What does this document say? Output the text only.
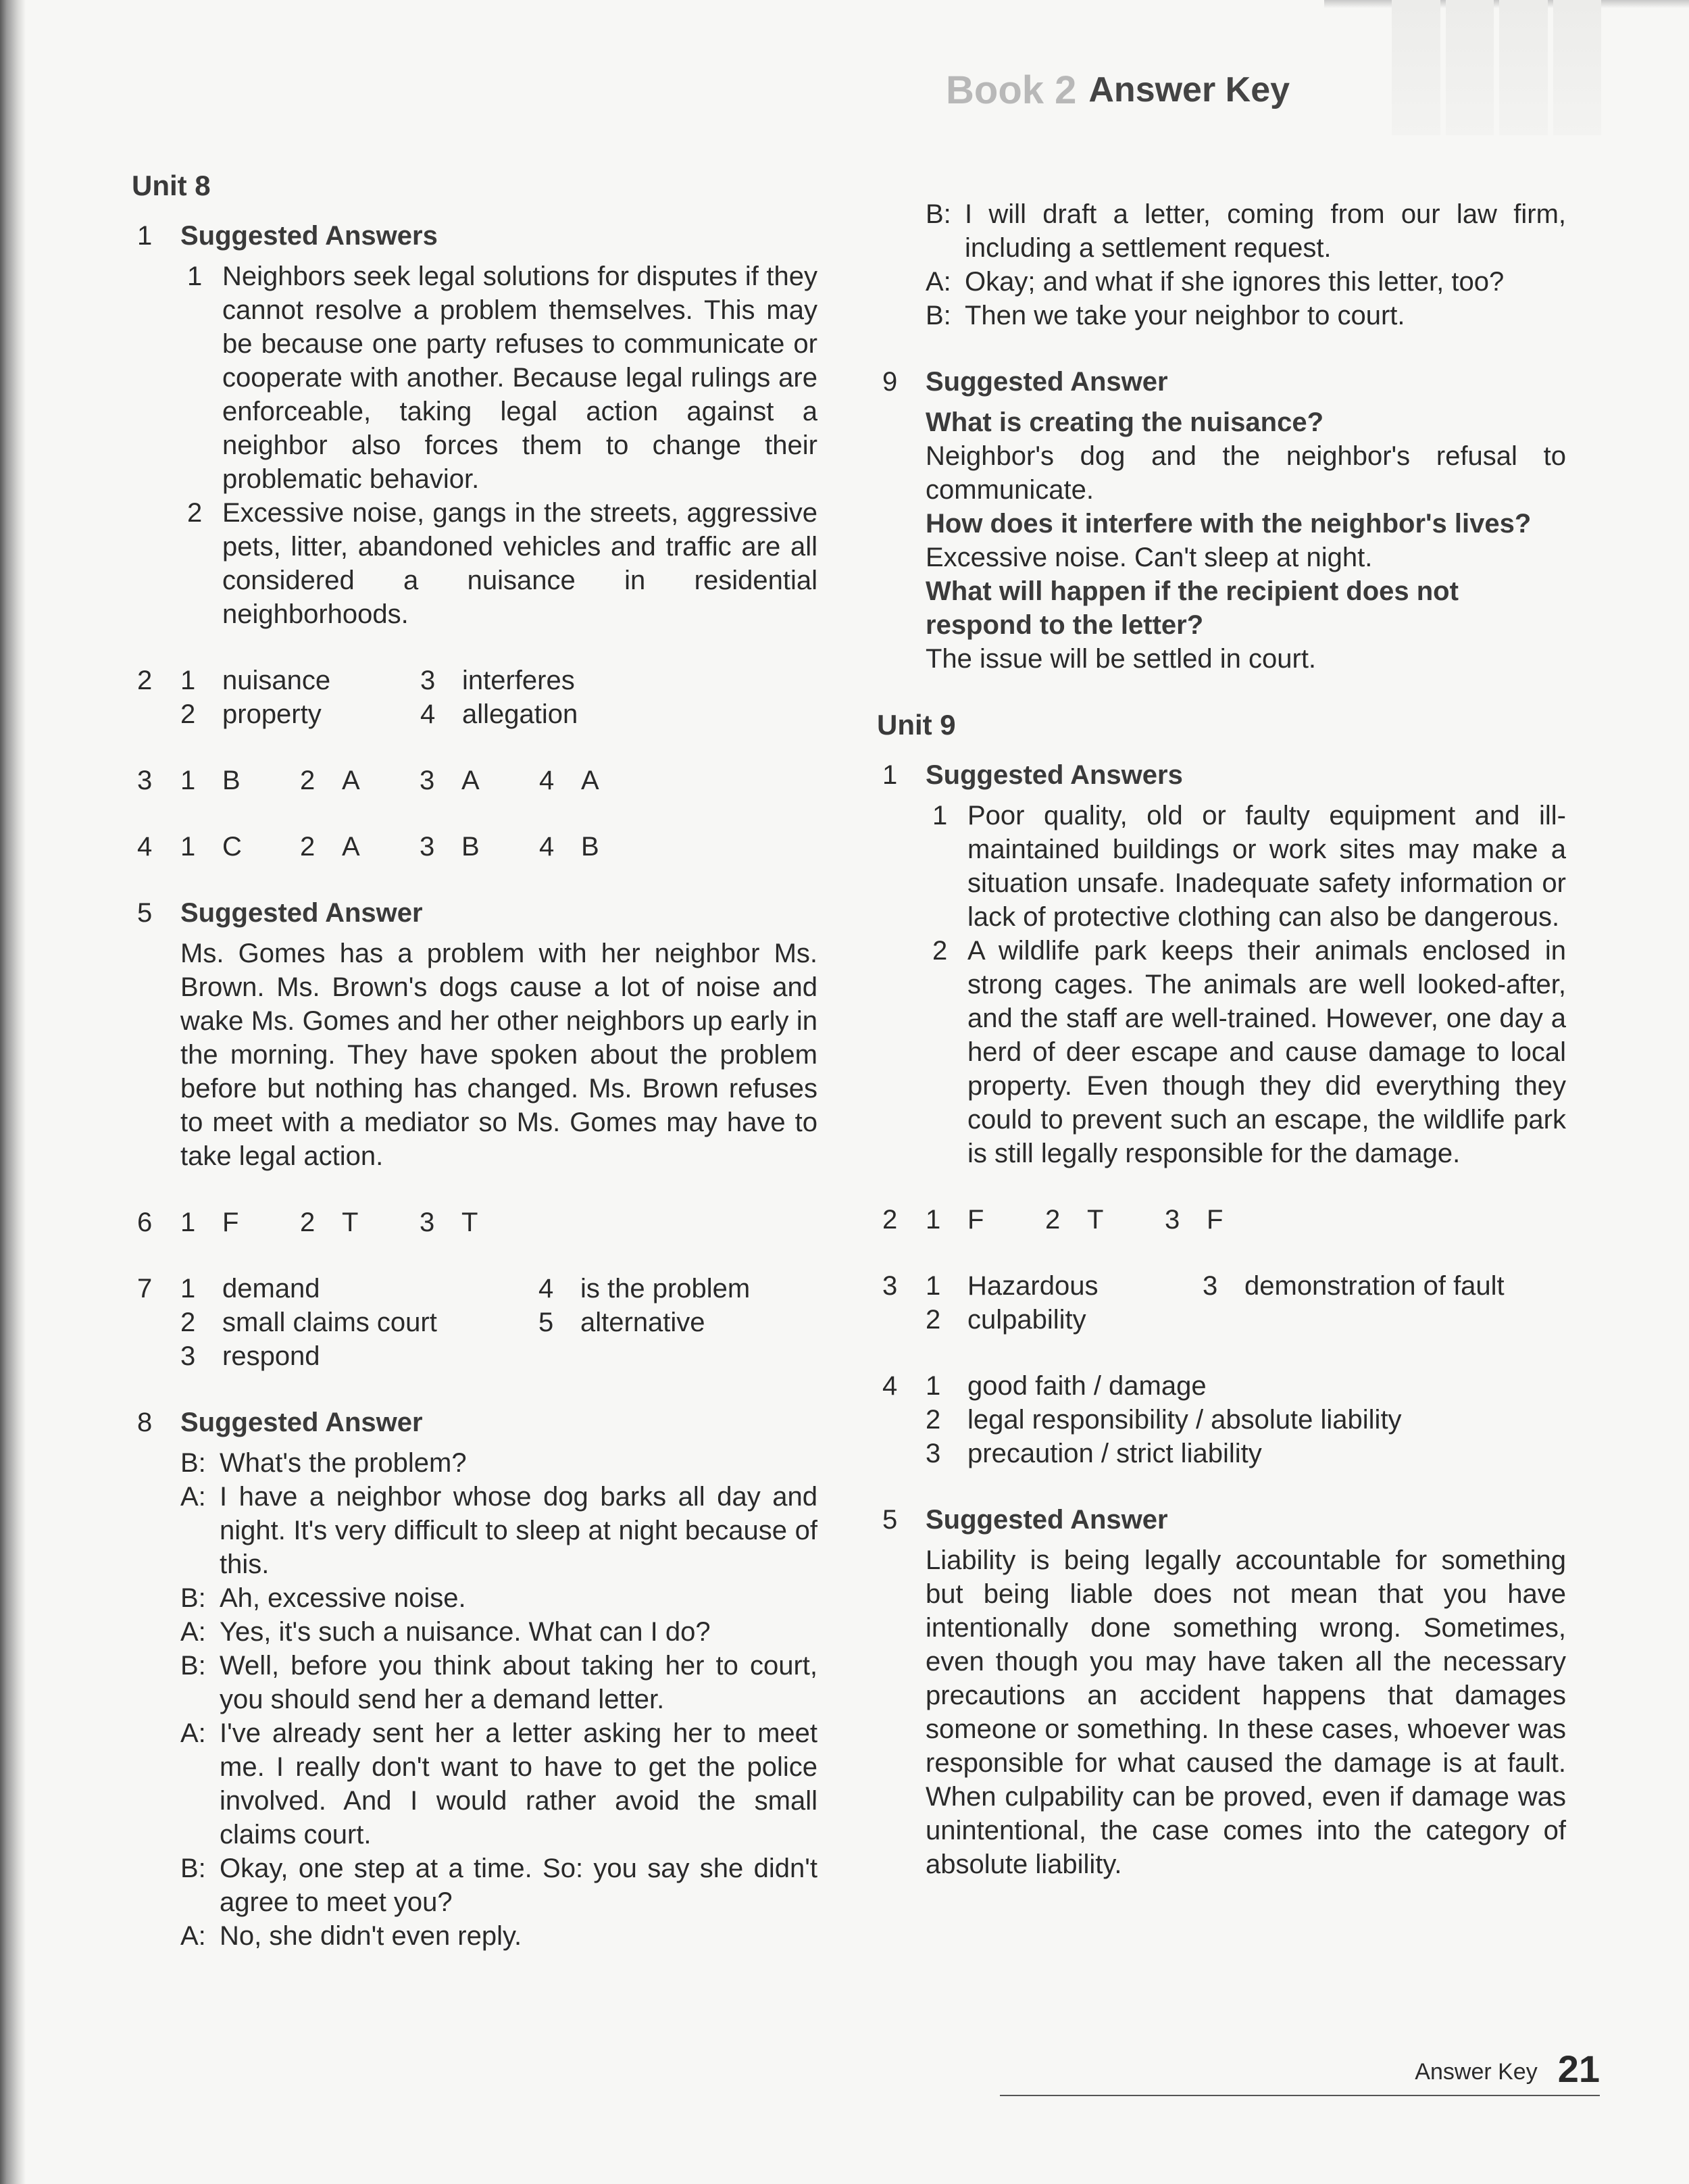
Book 2 Answer Key
Unit 8
1	Suggested Answers
1 Neighbors seek legal solutions for disputes if they cannot resolve a problem themselves. This may be because one party refuses to communicate or cooperate with another. Because legal rulings are enforceable, taking legal action against a neighbor also forces them to change their problematic behavior.
2 Excessive noise, gangs in the streets, aggressive pets, litter, abandoned vehicles and traffic are all considered a nuisance in residential neighborhoods.
2	1 nuisance	3 interferes
2 property	4 allegation
3	1 B 2 A 3 A 4 A
4	1 C 2 A 3 B 4 B
5	Suggested Answer
Ms. Gomes has a problem with her neighbor Ms. Brown. Ms. Brown's dogs cause a lot of noise and wake Ms. Gomes and her other neighbors up early in the morning. They have spoken about the problem before but nothing has changed. Ms. Brown refuses to meet with a mediator so Ms. Gomes may have to take legal action.
6	1 F 2 T 3 T
7	1 demand	4 is the problem
2 small claims court	5 alternative
3 respond
8	Suggested Answer
B: What's the problem?
A: I have a neighbor whose dog barks all day and night. It's very difficult to sleep at night because of this.
B: Ah, excessive noise.
A: Yes, it's such a nuisance. What can I do?
B: Well, before you think about taking her to court, you should send her a demand letter.
A: I've already sent her a letter asking her to meet me. I really don't want to have to get the police involved. And I would rather avoid the small claims court.
B: Okay, one step at a time. So: you say she didn't agree to meet you?
A: No, she didn't even reply.
B: I will draft a letter, coming from our law firm, including a settlement request.
A: Okay; and what if she ignores this letter, too?
B: Then we take your neighbor to court.
9	Suggested Answer
What is creating the nuisance?
Neighbor's dog and the neighbor's refusal to communicate.
How does it interfere with the neighbor's lives?
Excessive noise. Can't sleep at night.
What will happen if the recipient does not respond to the letter?
The issue will be settled in court.
Unit 9
1	Suggested Answers
1 Poor quality, old or faulty equipment and ill-maintained buildings or work sites may make a situation unsafe. Inadequate safety information or lack of protective clothing can also be dangerous.
2 A wildlife park keeps their animals enclosed in strong cages. The animals are well looked-after, and the staff are well-trained. However, one day a herd of deer escape and cause damage to local property. Even though they did everything they could to prevent such an escape, the wildlife park is still legally responsible for the damage.
2	1 F 2 T 3 F
3	1 Hazardous	3 demonstration of fault
2 culpability
4	1 good faith / damage
2 legal responsibility / absolute liability
3 precaution / strict liability
5	Suggested Answer
Liability is being legally accountable for something but being liable does not mean that you have intentionally done something wrong. Sometimes, even though you may have taken all the necessary precautions an accident happens that damages someone or something. In these cases, whoever was responsible for what caused the damage is at fault. When culpability can be proved, even if damage was unintentional, the case comes into the category of absolute liability.
Answer Key 21
